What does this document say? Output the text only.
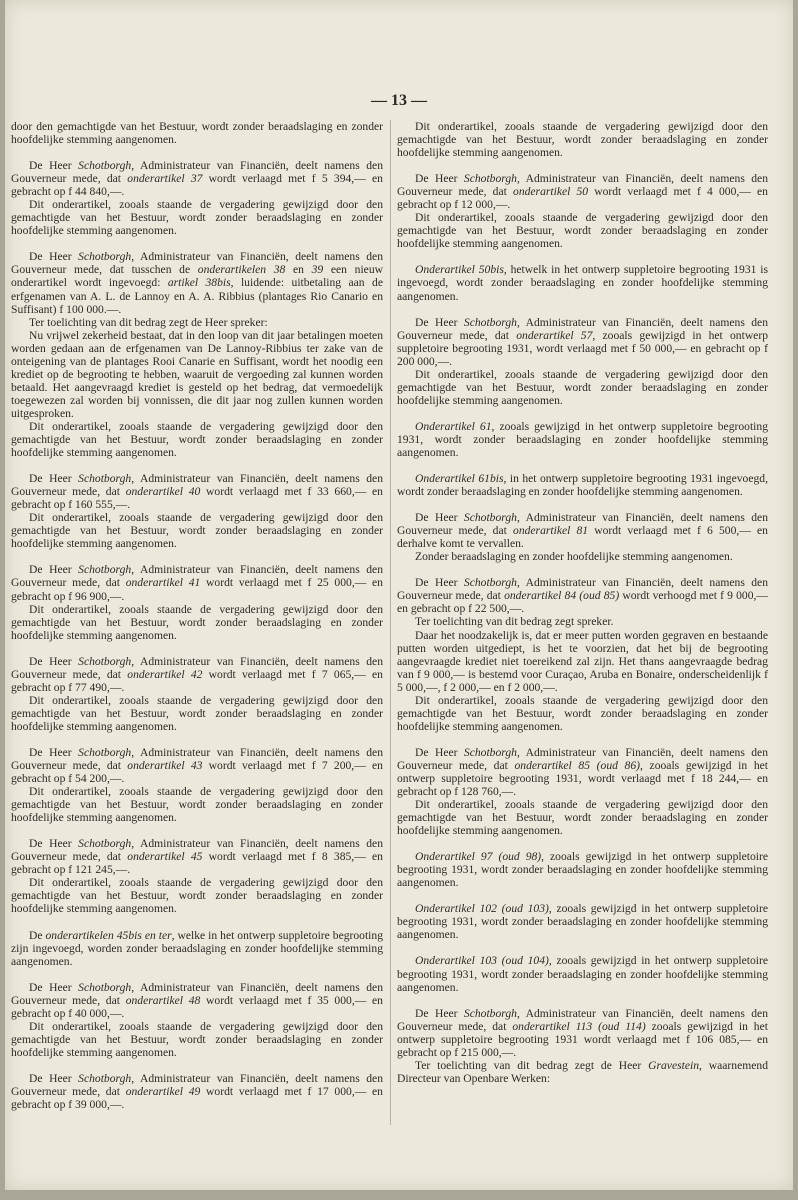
— 13 —

door den gemachtigde van het Bestuur, wordt zonder beraadslaging en zonder hoofdelijke stemming aangenomen.

De Heer Schotborgh, Administrateur van Financiën, deelt namens den Gouverneur mede, dat onderartikel 37 wordt verlaagd met f 5 394,— en gebracht op f 44 840,—.

Dit onderartikel, zooals staande de vergadering gewijzigd door den gemachtigde van het Bestuur, wordt zonder beraadslaging en zonder hoofdelijke stemming aangenomen.

De Heer Schotborgh, Administrateur van Financiën, deelt namens den Gouverneur mede, dat tusschen de onderartikelen 38 en 39 een nieuw onderartikel wordt ingevoegd: artikel 38bis, luidende: uitbetaling aan de erfgenamen van A. L. de Lannoy en A. A. Ribbius (plantages Rio Canario en Suffisant) f 100 000.—.

Ter toelichting van dit bedrag zegt de Heer spreker:

Nu vrijwel zekerheid bestaat, dat in den loop van dit jaar betalingen moeten worden gedaan aan de erfgenamen van De Lannoy-Ribbius ter zake van de onteigening van de plantages Rooi Canarie en Suffisant, wordt het noodig een krediet op de begrooting te hebben, waaruit de vergoeding zal kunnen worden betaald. Het aangevraagd krediet is gesteld op het bedrag, dat vermoedelijk toegewezen zal worden bij vonnissen, die dit jaar nog zullen kunnen worden uitgesproken.

Dit onderartikel, zooals staande de vergadering gewijzigd door den gemachtigde van het Bestuur, wordt zonder beraadslaging en zonder hoofdelijke stemming aangenomen.

De Heer Schotborgh, Administrateur van Financiën, deelt namens den Gouverneur mede, dat onderartikel 40 wordt verlaagd met f 33 660,— en gebracht op f 160 555,—.

Dit onderartikel, zooals staande de vergadering gewijzigd door den gemachtigde van het Bestuur, wordt zonder beraadslaging en zonder hoofdelijke stemming aangenomen.

De Heer Schotborgh, Administrateur van Financiën, deelt namens den Gouverneur mede, dat onderartikel 41 wordt verlaagd met f 25 000,— en gebracht op f 96 900,—.

Dit onderartikel, zooals staande de vergadering gewijzigd door den gemachtigde van het Bestuur, wordt zonder beraadslaging en zonder hoofdelijke stemming aangenomen.

De Heer Schotborgh, Administrateur van Financiën, deelt namens den Gouverneur mede, dat onderartikel 42 wordt verlaagd met f 7 065,— en gebracht op f 77 490,—.

Dit onderartikel, zooals staande de vergadering gewijzigd door den gemachtigde van het Bestuur, wordt zonder beraadslaging en zonder hoofdelijke stemming aangenomen.

De Heer Schotborgh, Administrateur van Financiën, deelt namens den Gouverneur mede, dat onderartikel 43 wordt verlaagd met f 7 200,— en gebracht op f 54 200,—.

Dit onderartikel, zooals staande de vergadering gewijzigd door den gemachtigde van het Bestuur, wordt zonder beraadslaging en zonder hoofdelijke stemming aangenomen.

De Heer Schotborgh, Administrateur van Financiën, deelt namens den Gouverneur mede, dat onderartikel 45 wordt verlaagd met f 8 385,— en gebracht op f 121 245,—.

Dit onderartikel, zooals staande de vergadering gewijzigd door den gemachtigde van het Bestuur, wordt zonder beraadslaging en zonder hoofdelijke stemming aangenomen.

De onderartikelen 45bis en ter, welke in het ontwerp suppletoire begrooting zijn ingevoegd, worden zonder beraadslaging en zonder hoofdelijke stemming aangenomen.

De Heer Schotborgh, Administrateur van Financiën, deelt namens den Gouverneur mede, dat onderartikel 48 wordt verlaagd met f 35 000,— en gebracht op f 40 000,—.

Dit onderartikel, zooals staande de vergadering gewijzigd door den gemachtigde van het Bestuur, wordt zonder beraadslaging en zonder hoofdelijke stemming aangenomen.

De Heer Schotborgh, Administrateur van Financiën, deelt namens den Gouverneur mede, dat onderartikel 49 wordt verlaagd met f 17 000,— en gebracht op f 39 000,—.

Dit onderartikel, zooals staande de vergadering gewijzigd door den gemachtigde van het Bestuur, wordt zonder beraadslaging en zonder hoofdelijke stemming aangenomen.

De Heer Schotborgh, Administrateur van Financiën, deelt namens den Gouverneur mede, dat onderartikel 50 wordt verlaagd met f 4 000,— en gebracht op f 12 000,—.

Dit onderartikel, zooals staande de vergadering gewijzigd door den gemachtigde van het Bestuur, wordt zonder beraadslaging en zonder hoofdelijke stemming aangenomen.

Onderartikel 50bis, hetwelk in het ontwerp suppletoire begrooting 1931 is ingevoegd, wordt zonder beraadslaging en zonder hoofdelijke stemming aangenomen.

De Heer Schotborgh, Administrateur van Financiën, deelt namens den Gouverneur mede, dat onderartikel 57, zooals gewijzigd in het ontwerp suppletoire begrooting 1931, wordt verlaagd met f 50 000,— en gebracht op f 200 000,—.

Dit onderartikel, zooals staande de vergadering gewijzigd door den gemachtigde van het Bestuur, wordt zonder beraadslaging en zonder hoofdelijke stemming aangenomen.

Onderartikel 61, zooals gewijzigd in het ontwerp suppletoire begrooting 1931, wordt zonder beraadslaging en zonder hoofdelijke stemming aangenomen.

Onderartikel 61bis, in het ontwerp suppletoire begrooting 1931 ingevoegd, wordt zonder beraadslaging en zonder hoofdelijke stemming aangenomen.

De Heer Schotborgh, Administrateur van Financiën, deelt namens den Gouverneur mede, dat onderartikel 81 wordt verlaagd met f 6 500,— en derhalve komt te vervallen.

Zonder beraadslaging en zonder hoofdelijke stemming aangenomen.

De Heer Schotborgh, Administrateur van Financiën, deelt namens den Gouverneur mede, dat onderartikel 84 (oud 85) wordt verhoogd met f 9 000,— en gebracht op f 22 500,—.

Ter toelichting van dit bedrag zegt spreker.

Daar het noodzakelijk is, dat er meer putten worden gegraven en bestaande putten worden uitgediept, is het te voorzien, dat het bij de begrooting aangevraagde krediet niet toereikend zal zijn. Het thans aangevraagde bedrag van f 9 000,— is bestemd voor Curaçao, Aruba en Bonaire, onderscheidenlijk f 5 000,—, f 2 000,— en f 2 000,—.

Dit onderartikel, zooals staande de vergadering gewijzigd door den gemachtigde van het Bestuur, wordt zonder beraadslaging en zonder hoofdelijke stemming aangenomen.

De Heer Schotborgh, Administrateur van Financiën, deelt namens den Gouverneur mede, dat onderartikel 85 (oud 86), zooals gewijzigd in het ontwerp suppletoire begrooting 1931, wordt verlaagd met f 18 244,— en gebracht op f 128 760,—.

Dit onderartikel, zooals staande de vergadering gewijzigd door den gemachtigde van het Bestuur, wordt zonder beraadslaging en zonder hoofdelijke stemming aangenomen.

Onderartikel 97 (oud 98), zooals gewijzigd in het ontwerp suppletoire begrooting 1931, wordt zonder beraadslaging en zonder hoofdelijke stemming aangenomen.

Onderartikel 102 (oud 103), zooals gewijzigd in het ontwerp suppletoire begrooting 1931, wordt zonder beraadslaging en zonder hoofdelijke stemming aangenomen.

Onderartikel 103 (oud 104), zooals gewijzigd in het ontwerp suppletoire begrooting 1931, wordt zonder beraadslaging en zonder hoofdelijke stemming aangenomen.

De Heer Schotborgh, Administrateur van Financiën, deelt namens den Gouverneur mede, dat onderartikel 113 (oud 114) zooals gewijzigd in het ontwerp suppletoire begrooting 1931 wordt verlaagd met f 106 085,— en gebracht op f 215 000,—.

Ter toelichting van dit bedrag zegt de Heer Gravestein, waarnemend Directeur van Openbare Werken:
